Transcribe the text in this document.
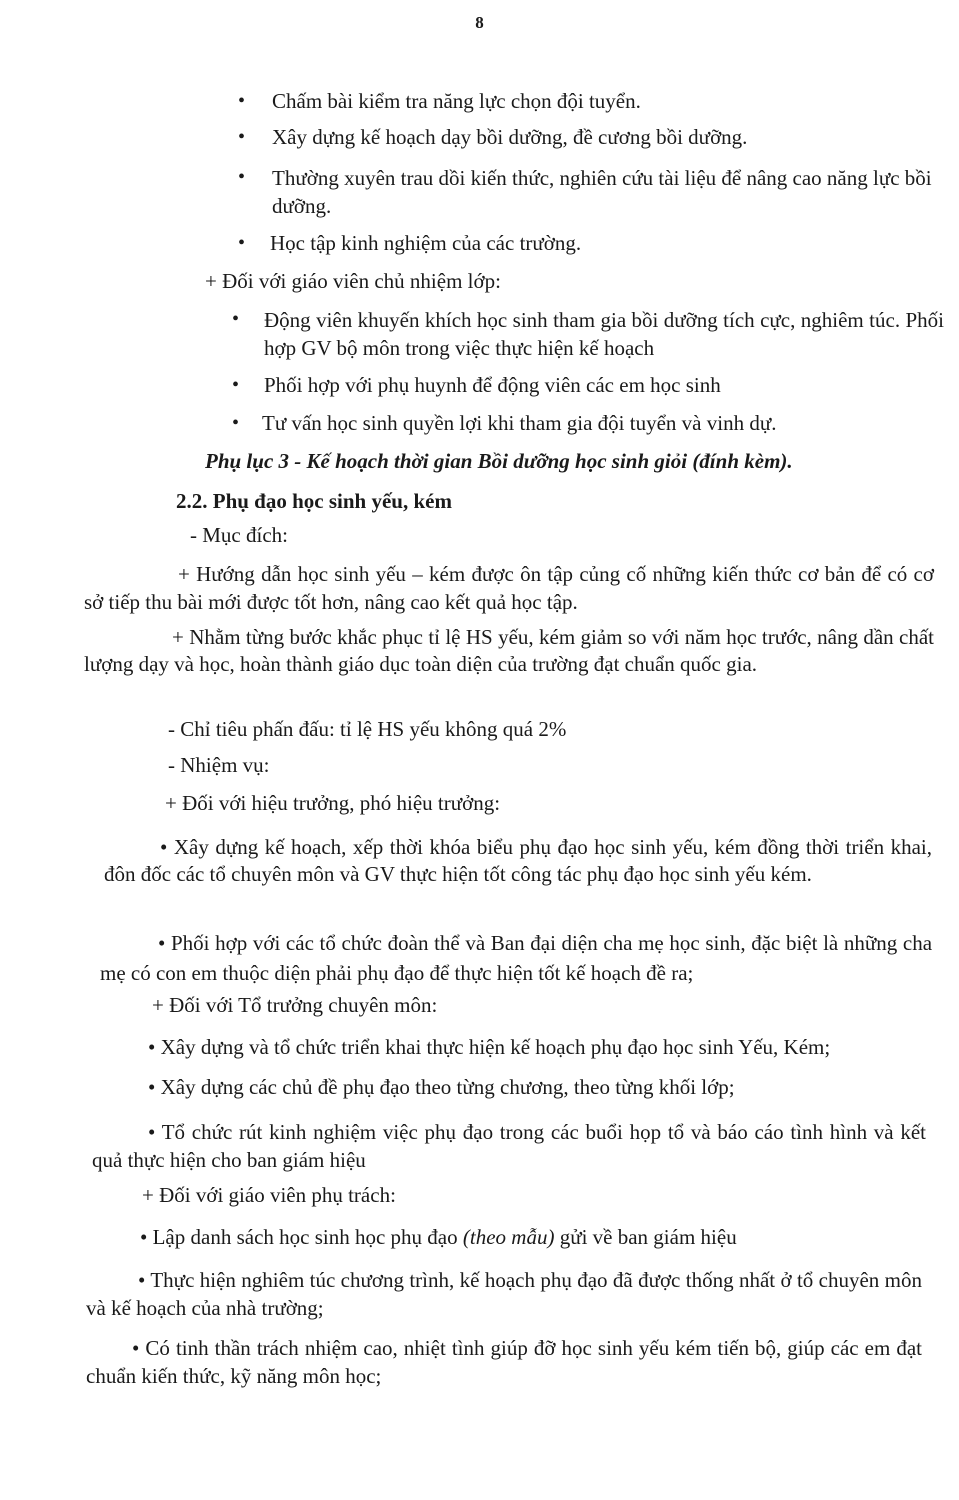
8
•	Chấm bài kiểm tra năng lực chọn đội tuyển.
•	Xây dựng kế hoạch dạy bồi dưỡng, đề cương bồi dưỡng.
•	Thường xuyên trau dồi kiến thức, nghiên cứu tài liệu để nâng cao năng lực bồi dưỡng.
•	Học tập kinh nghiệm của các trường.
+ Đối với giáo viên chủ nhiệm lớp:
•	Động viên khuyến khích học sinh tham gia bồi dưỡng tích cực, nghiêm túc. Phối hợp GV bộ môn trong việc thực hiện kế hoạch
•	Phối hợp với phụ huynh để động viên các em học sinh
•	Tư vấn học sinh quyền lợi khi tham gia đội tuyển và vinh dự.
Phụ lục 3 - Kế hoạch thời gian Bồi dưỡng học sinh giỏi (đính kèm).
2.2. Phụ đạo học sinh yếu, kém
- Mục đích:
+ Hướng dẫn học sinh yếu – kém được ôn tập củng cố những kiến thức cơ bản để có cơ sở tiếp thu bài mới được tốt hơn, nâng cao kết quả học tập.
+ Nhằm từng bước khắc phục tỉ lệ HS yếu, kém giảm so với năm học trước, nâng dần chất lượng dạy và học, hoàn thành giáo dục toàn diện của trường đạt chuẩn quốc gia.
- Chỉ tiêu phấn đấu: tỉ lệ HS yếu không quá 2%
- Nhiệm vụ:
+ Đối với hiệu trưởng, phó hiệu trưởng:
• Xây dựng kế hoạch, xếp thời khóa biểu phụ đạo học sinh yếu, kém đồng thời triển khai, đôn đốc các tổ chuyên môn và GV thực hiện tốt công tác phụ đạo học sinh yếu kém.
• Phối hợp với các tổ chức đoàn thể và Ban đại diện cha mẹ học sinh, đặc biệt là những cha mẹ có con em thuộc diện phải phụ đạo để thực hiện tốt kế hoạch đề ra;
+ Đối với Tổ trưởng chuyên môn:
• Xây dựng và tổ chức triển khai thực hiện kế hoạch phụ đạo học sinh Yếu, Kém;
• Xây dựng các chủ đề phụ đạo theo từng chương, theo từng khối lớp;
• Tổ chức rút kinh nghiệm việc phụ đạo trong các buổi họp tổ và báo cáo tình hình và kết quả thực hiện cho ban giám hiệu
+ Đối với giáo viên phụ trách:
• Lập danh sách học sinh học phụ đạo (theo mẫu) gửi về ban giám hiệu
• Thực hiện nghiêm túc chương trình, kế hoạch phụ đạo đã được thống nhất ở tổ chuyên môn và kế hoạch của nhà trường;
• Có tinh thần trách nhiệm cao, nhiệt tình giúp đỡ học sinh yếu kém tiến bộ, giúp các em đạt chuẩn kiến thức, kỹ năng môn học;
